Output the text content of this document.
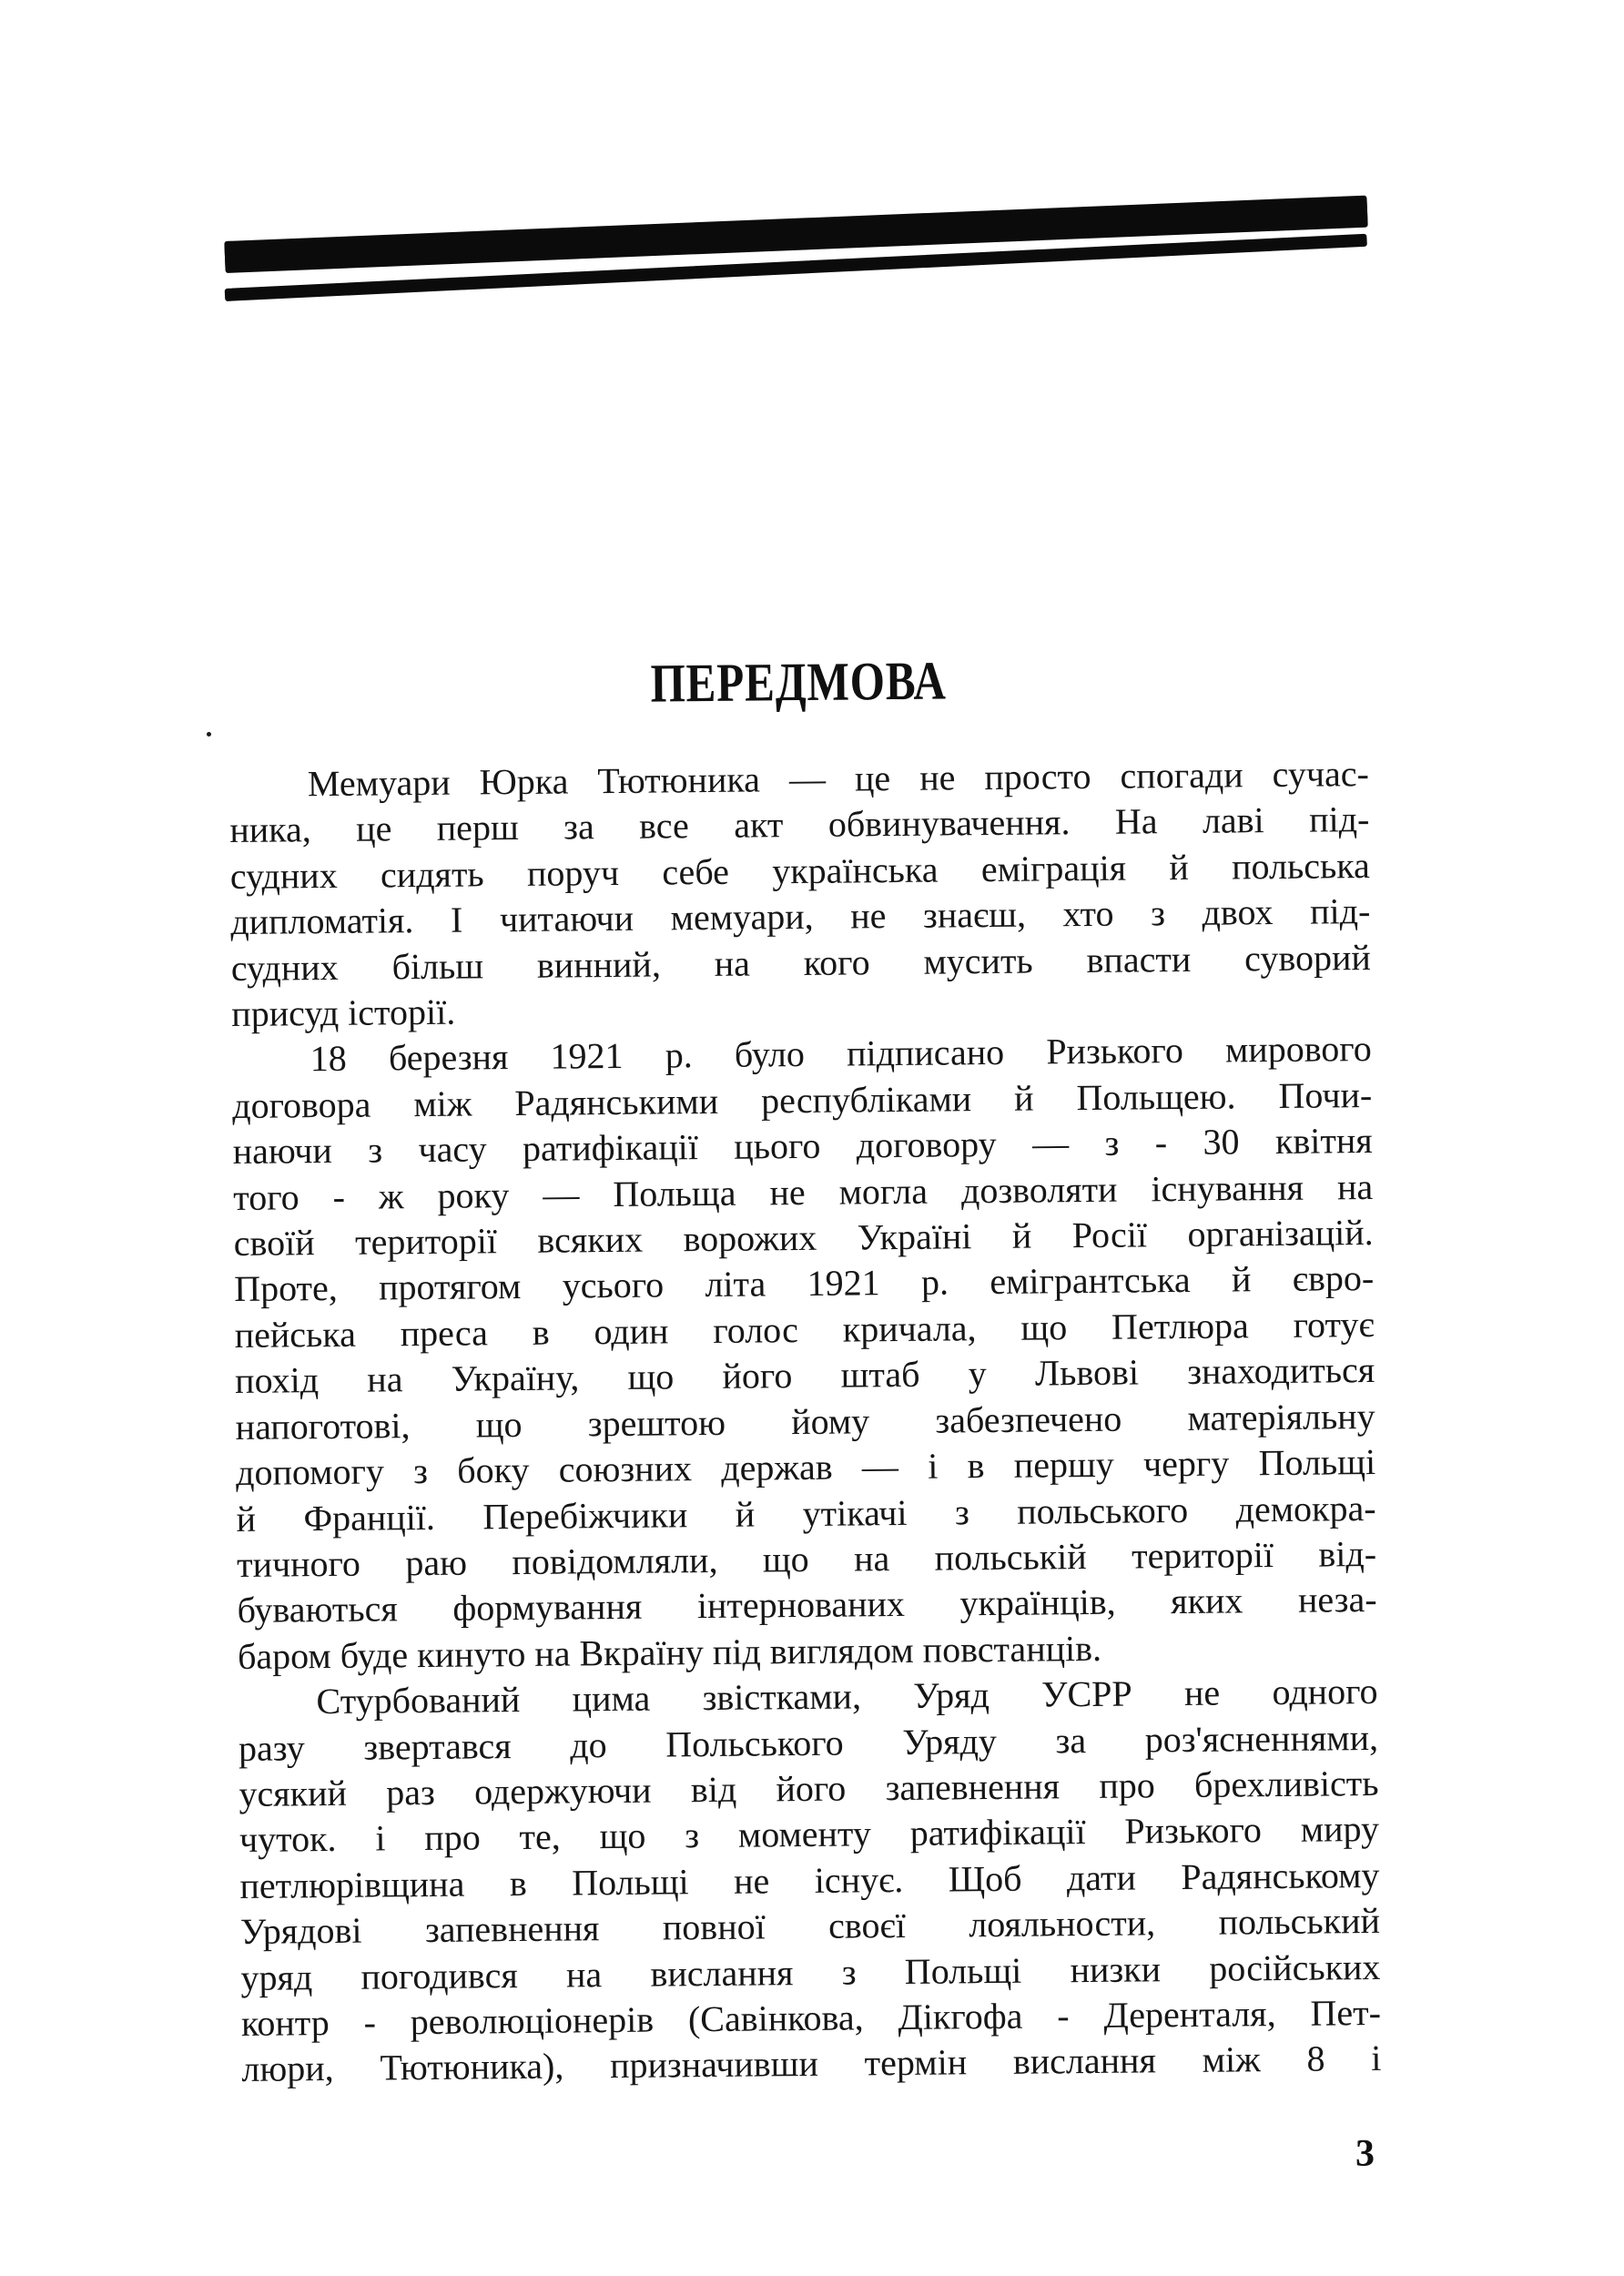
ПЕРЕДМОВА
Мемуари Юрка Тютюника — це не просто спогади сучас-
ника, це перш за все акт обвинувачення. На лаві під-
судних сидять поруч себе українська еміграція й польська
дипломатія. І читаючи мемуари, не знаєш, хто з двох під-
судних більш винний, на кого мусить впасти суворий
присуд історії.
18 березня 1921 р. було підписано Ризького мирового
договора між Радянськими республіками й Польщею. Почи-
наючи з часу ратифікації цього договору — з - 30 квітня
того - ж року — Польща не могла дозволяти існування на
своїй території всяких ворожих Україні й Росії організацій.
Проте, протягом усього літа 1921 р. емігрантська й євро-
пейська преса в один голос кричала, що Петлюра готує
похід на Україну, що його штаб у Львові знаходиться
напоготові, що зрештою йому забезпечено матеріяльну
допомогу з боку союзних держав — і в першу чергу Польщі
й Франції. Перебіжчики й утікачі з польського демокра-
тичного раю повідомляли, що на польській території від-
буваються формування інтернованих українців, яких неза-
баром буде кинуто на Вкраїну під виглядом повстанців.
Стурбований цима звістками, Уряд УСРР не одного
разу звертався до Польського Уряду за роз'ясненнями,
усякий раз одержуючи від його запевнення про брехливість
чуток. і про те, що з моменту ратифікації Ризького миру
петлюрівщина в Польщі не існує. Щоб дати Радянському
Урядові запевнення повної своєї лояльности, польський
уряд погодився на вислання з Польщі низки російських
контр - революціонерів (Савінкова, Дікгофа - Деренталя, Пет-
люри, Тютюника), призначивши термін вислання між 8 і
3
